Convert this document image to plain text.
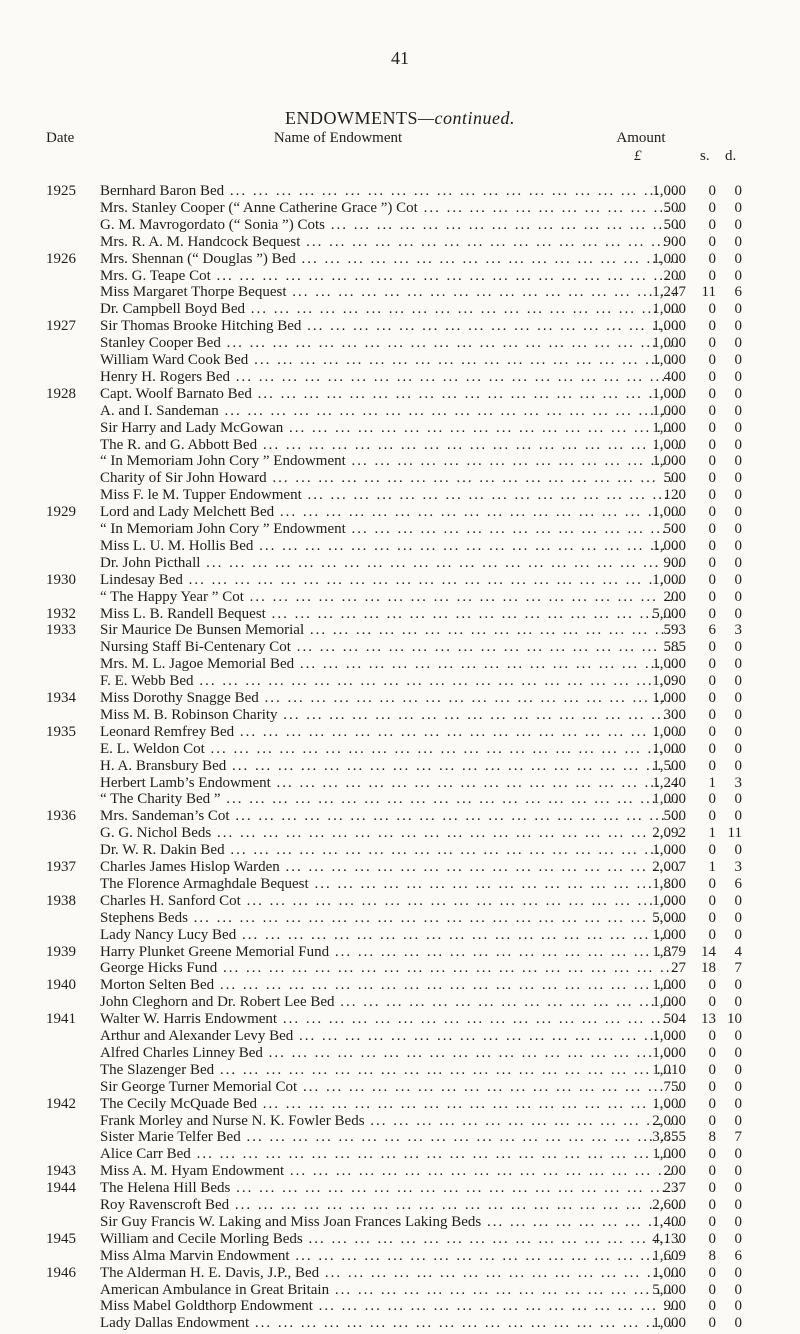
41
ENDOWMENTS—continued.
Date	Name of Endowment	Amount
£	s. d.
1925 Bernhard Baron Bed ... .	1,000	0	0
Mrs. Stanley Cooper (“ Anne Catherine Grace ”) Cot ... .	500	0	0
G. M. Mavrogordato (“ Sonia ”) Cots ... .	500	0	0
Mrs. R. A. M. Handcock Bequest ... .	900	0	0
1926 Mrs. Shennan (“ Douglas ”) Bed ... .	1,000	0	0
Mrs. G. Teape Cot ... .	200	0	0
Miss Margaret Thorpe Bequest ... .	1,247	11	6
Dr. Campbell Boyd Bed ... .	1,000	0	0
1927 Sir Thomas Brooke Hitching Bed ... .	1,000	0	0
Stanley Cooper Bed ... .	1,000	0	0
William Ward Cook Bed ... .	1,000	0	0
Henry H. Rogers Bed ... .	400	0	0
1928 Capt. Woolf Barnato Bed ... .	1,000	0	0
A. and I. Sandeman ... .	1,000	0	0
Sir Harry and Lady McGowan ... .	1,000	0	0
The R. and G. Abbott Bed ... .	1,000	0	0
“ In Memoriam John Cory ” Endowment ... .	1,000	0	0
Charity of Sir John Howard ... .	500	0	0
Miss F. le M. Tupper Endowment ... .	120	0	0
1929 Lord and Lady Melchett Bed ... .	1,000	0	0
“ In Memoriam John Cory ” Endowment ... .	500	0	0
Miss L. U. M. Hollis Bed ... .	1,000	0	0
Dr. John Picthall ... .	900	0	0
1930 Lindesay Bed ... .	1,000	0	0
“ The Happy Year ” Cot ... .	200	0	0
1932 Miss L. B. Randell Bequest ... .	5,000	0	0
1933 Sir Maurice De Bunsen Memorial ... .	593	6	3
Nursing Staff Bi-Centenary Cot ... .	585	0	0
Mrs. M. L. Jagoe Memorial Bed ... .	1,000	0	0
F. E. Webb Bed ... .	1,090	0	0
1934 Miss Dorothy Snagge Bed ... .	1,000	0	0
Miss M. B. Robinson Charity ... .	300	0	0
1935 Leonard Remfrey Bed ... .	1,000	0	0
E. L. Weldon Cot ... .	1,000	0	0
H. A. Bransbury Bed ... .	1,500	0	0
Herbert Lamb’s Endowment ... .	1,240	1	3
“ The Charity Bed ” ... .	1,000	0	0
1936 Mrs. Sandeman’s Cot ... .	500	0	0
G. G. Nichol Beds ... .	2,092	1 11
Dr. W. R. Dakin Bed ... .	1,000	0	0
1937 Charles James Hislop Warden ... .	2,007	1	3
The Florence Armaghdale Bequest ... .	1,800	0	6
1938 Charles H. Sanford Cot ... .	1,000	0	0
Stephens Beds ... .	5,000	0	0
Lady Nancy Lucy Bed ... .	1,000	0	0
1939 Harry Plunket Greene Memorial Fund ... .	1,879	14	4
George Hicks Fund ... .	27	18	7
1940 Morton Selten Bed ... .	1,000	0	0
John Cleghorn and Dr. Robert Lee Bed ... .	1,000	0	0
1941 Walter W. Harris Endowment ... .	504	13 10
Arthur and Alexander Levy Bed ... .	1,000	0	0
Alfred Charles Linney Bed ... .	1,000	0	0
The Slazenger Bed ... .	1,010	0	0
Sir George Turner Memorial Cot ... .	750	0	0
1942 The Cecily McQuade Bed ... .	1,000	0	0
Frank Morley and Nurse N. K. Fowler Beds ... .	2,000	0	0
Sister Marie Telfer Bed ... .	3,855	8	7
Alice Carr Bed ... .	1,000	0	0
1943 Miss A. M. Hyam Endowment ... .	200	0	0
1944 The Helena Hill Beds ... .	237	0	0
Roy Ravenscroft Bed ... .	2,600	0	0
Sir Guy Francis W. Laking and Miss Joan Frances Laking Beds ... .	1,400	0	0
1945 William and Cecile Morling Beds ... .	4,130	0	0
Miss Alma Marvin Endowment ... .	1,609	8	6
1946 The Alderman H. E. Davis, J.P., Bed ... .	1,000	0	0
American Ambulance in Great Britain ... .	5,000	0	0
Miss Mabel Goldthorp Endowment ... .	900	0	0
Lady Dallas Endowment ... .	1,000	0	0
